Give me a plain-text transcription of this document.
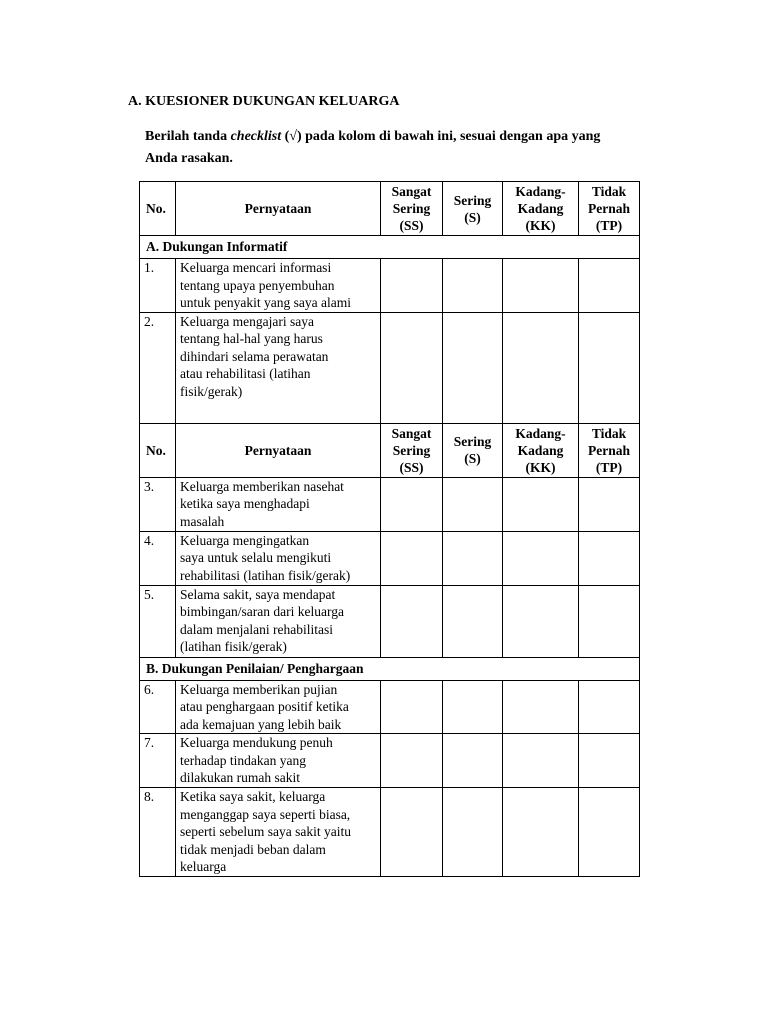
A. KUESIONER DUKUNGAN KELUARGA
Berilah tanda checklist (√) pada kolom di bawah ini, sesuai dengan apa yang Anda rasakan.
No.	Pernyataan	Sangat
Sering
(SS)	Sering
(S)	Kadang-
Kadang
(KK)	Tidak
Pernah
(TP)
A. Dukungan Informatif					
1.	Keluarga mencari informasi
tentang upaya penyembuhan
untuk penyakit yang saya alami				
2.	Keluarga mengajari saya
tentang hal-hal yang harus
dihindari selama perawatan
atau rehabilitasi (latihan
fisik/gerak)				
No.	Pernyataan	Sangat
Sering
(SS)	Sering
(S)	Kadang-
Kadang
(KK)	Tidak
Pernah
(TP)
3.	Keluarga memberikan nasehat
ketika saya menghadapi
masalah				
4.	Keluarga mengingatkan
saya untuk selalu mengikuti
rehabilitasi (latihan fisik/gerak)				
5.	Selama sakit, saya mendapat
bimbingan/saran dari keluarga
dalam menjalani rehabilitasi
(latihan fisik/gerak)				
B. Dukungan Penilaian/ Penghargaan					
6.	Keluarga memberikan pujian
atau penghargaan positif ketika
ada kemajuan yang lebih baik				
7.	Keluarga mendukung penuh
terhadap tindakan yang
dilakukan rumah sakit				
8.	Ketika saya sakit, keluarga
menganggap saya seperti biasa,
seperti sebelum saya sakit yaitu
tidak menjadi beban dalam
keluarga				
